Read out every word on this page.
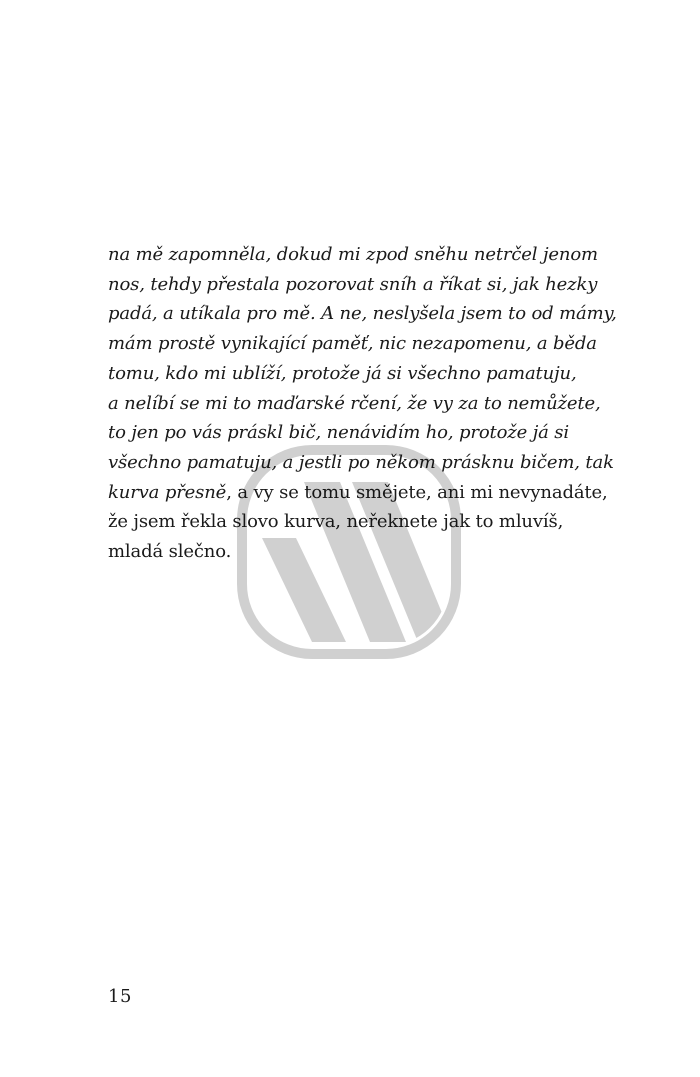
na mě zapomněla, dokud mi zpod sněhu netrčel jenom
nos, tehdy přestala pozorovat sníh a říkat si, jak hezky
padá, a utíkala pro mě. A ne, neslyšela jsem to od mámy,
mám prostě vynikající paměť, nic nezapomenu, a běda
tomu, kdo mi ublíží, protože já si všechno pamatuju,
a nelíbí se mi to maďarské rčení, že vy za to nemůžete,
to jen po vás práskl bič, nenávidím ho, protože já si
všechno pamatuju, a jestli po někom prásknu bičem, tak
kurva přesně, a vy se tomu smějete, ani mi nevynadáte,
že jsem řekla slovo kurva, neřeknete jak to mluvíš,
mladá slečno.
15
